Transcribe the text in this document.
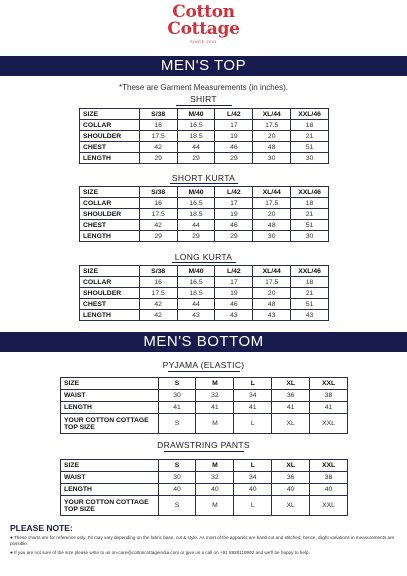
Cotton
Cottage
SINCE 2011
MEN'S TOP
*These are Garment Measurements (in inches).
SHIRT
SIZE	S/38	M/40	L/42	XL/44	XXL/46
COLLAR	16	16.5	17	17.5	18
SHOULDER	17.5	18.5	19	20	21
CHEST	42	44	46	48	51
LENGTH	29	29	29	30	30
SHORT KURTA
SIZE	S/38	M/40	L/42	XL/44	XXL/46
COLLAR	16	16.5	17	17.5	18
SHOULDER	17.5	18.5	19	20	21
CHEST	42	44	46	48	51
LENGTH	29	29	29	30	30
LONG KURTA
SIZE	S/38	M/40	L/42	XL/44	XXL/46
COLLAR	16	16.5	17	17.5	18
SHOULDER	17.5	18.5	19	20	21
CHEST	42	44	46	48	51
LENGTH	42	43	43	43	43
MEN'S BOTTOM
PYJAMA (ELASTIC)
SIZE	S	M	L	XL	XXL
WAIST	30	32	34	36	38
LENGTH	41	41	41	41	41
YOUR COTTON COTTAGE TOP SIZE	S	M	L	XL	XXL
DRAWSTRING PANTS
SIZE	S	M	L	XL	XXL
WAIST	30	32	34	36	38
LENGTH	40	40	40	40	40
YOUR COTTON COTTAGE TOP SIZE	S	M	L	XL	XXL
PLEASE NOTE:
● These charts are for reference only. Fit may vary depending on the fabric base, cut & style. As most of the apparels are hand cut and stitched, hence, slight variations in measurements are possible.
● If you are not sure of the size please write to us on-care@cottoncottageindia.com or give us a call on +91 8828119992 and we'll be happy to help.
